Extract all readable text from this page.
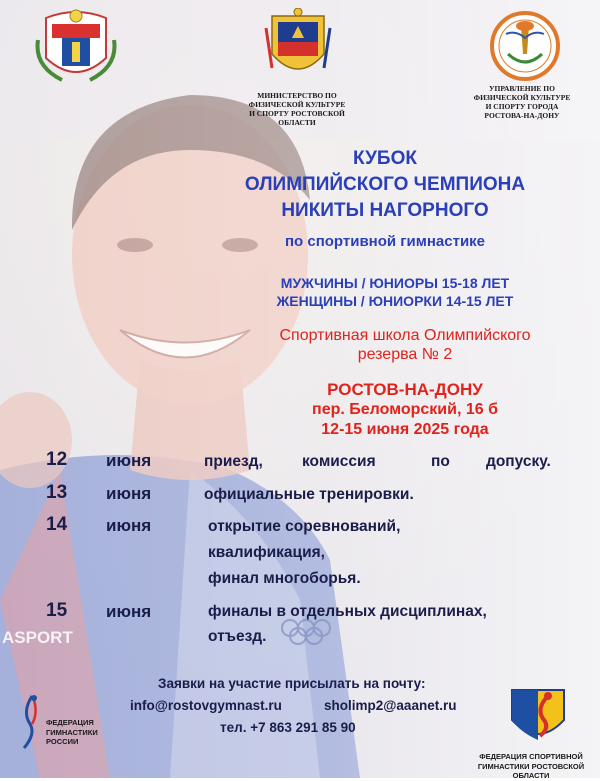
ASPORT
МИНИСТЕРСТВО ПО
ФИЗИЧЕСКОЙ КУЛЬТУРЕ
И СПОРТУ РОСТОВСКОЙ
ОБЛАСТИ
УПРАВЛЕНИЕ ПО
ФИЗИЧЕСКОЙ КУЛЬТУРЕ
И СПОРТУ ГОРОДА
РОСТОВА-НА-ДОНУ
КУБОК
ОЛИМПИЙСКОГО ЧЕМПИОНА
НИКИТЫ НАГОРНОГО
по спортивной гимнастике
МУЖЧИНЫ / ЮНИОРЫ 15-18 ЛЕТ
ЖЕНЩИНЫ / ЮНИОРКИ 14-15 ЛЕТ
Спортивная школа Олимпийского
резерва № 2
РОСТОВ-НА-ДОНУ
пер. Беломорский, 16 б
12-15 июня 2025 года
12 июня	приезд,	комиссия	по допуску.
13 июня	официальные тренировки.
14 июня	открытие соревнований,
квалификация,
финал многоборья.
15 июня	финалы в отдельных дисциплинах,
отъезд.
Заявки на участие присылать на почту:
info@rostovgymnast.ru	sholimp2@aaanet.ru
тел. +7 863 291 85 90
ФЕДЕРАЦИЯ
ГИМНАСТИКИ
РОССИИ
ФЕДЕРАЦИЯ СПОРТИВНОЙ
ГИМНАСТИКИ РОСТОВСКОЙ
ОБЛАСТИ
